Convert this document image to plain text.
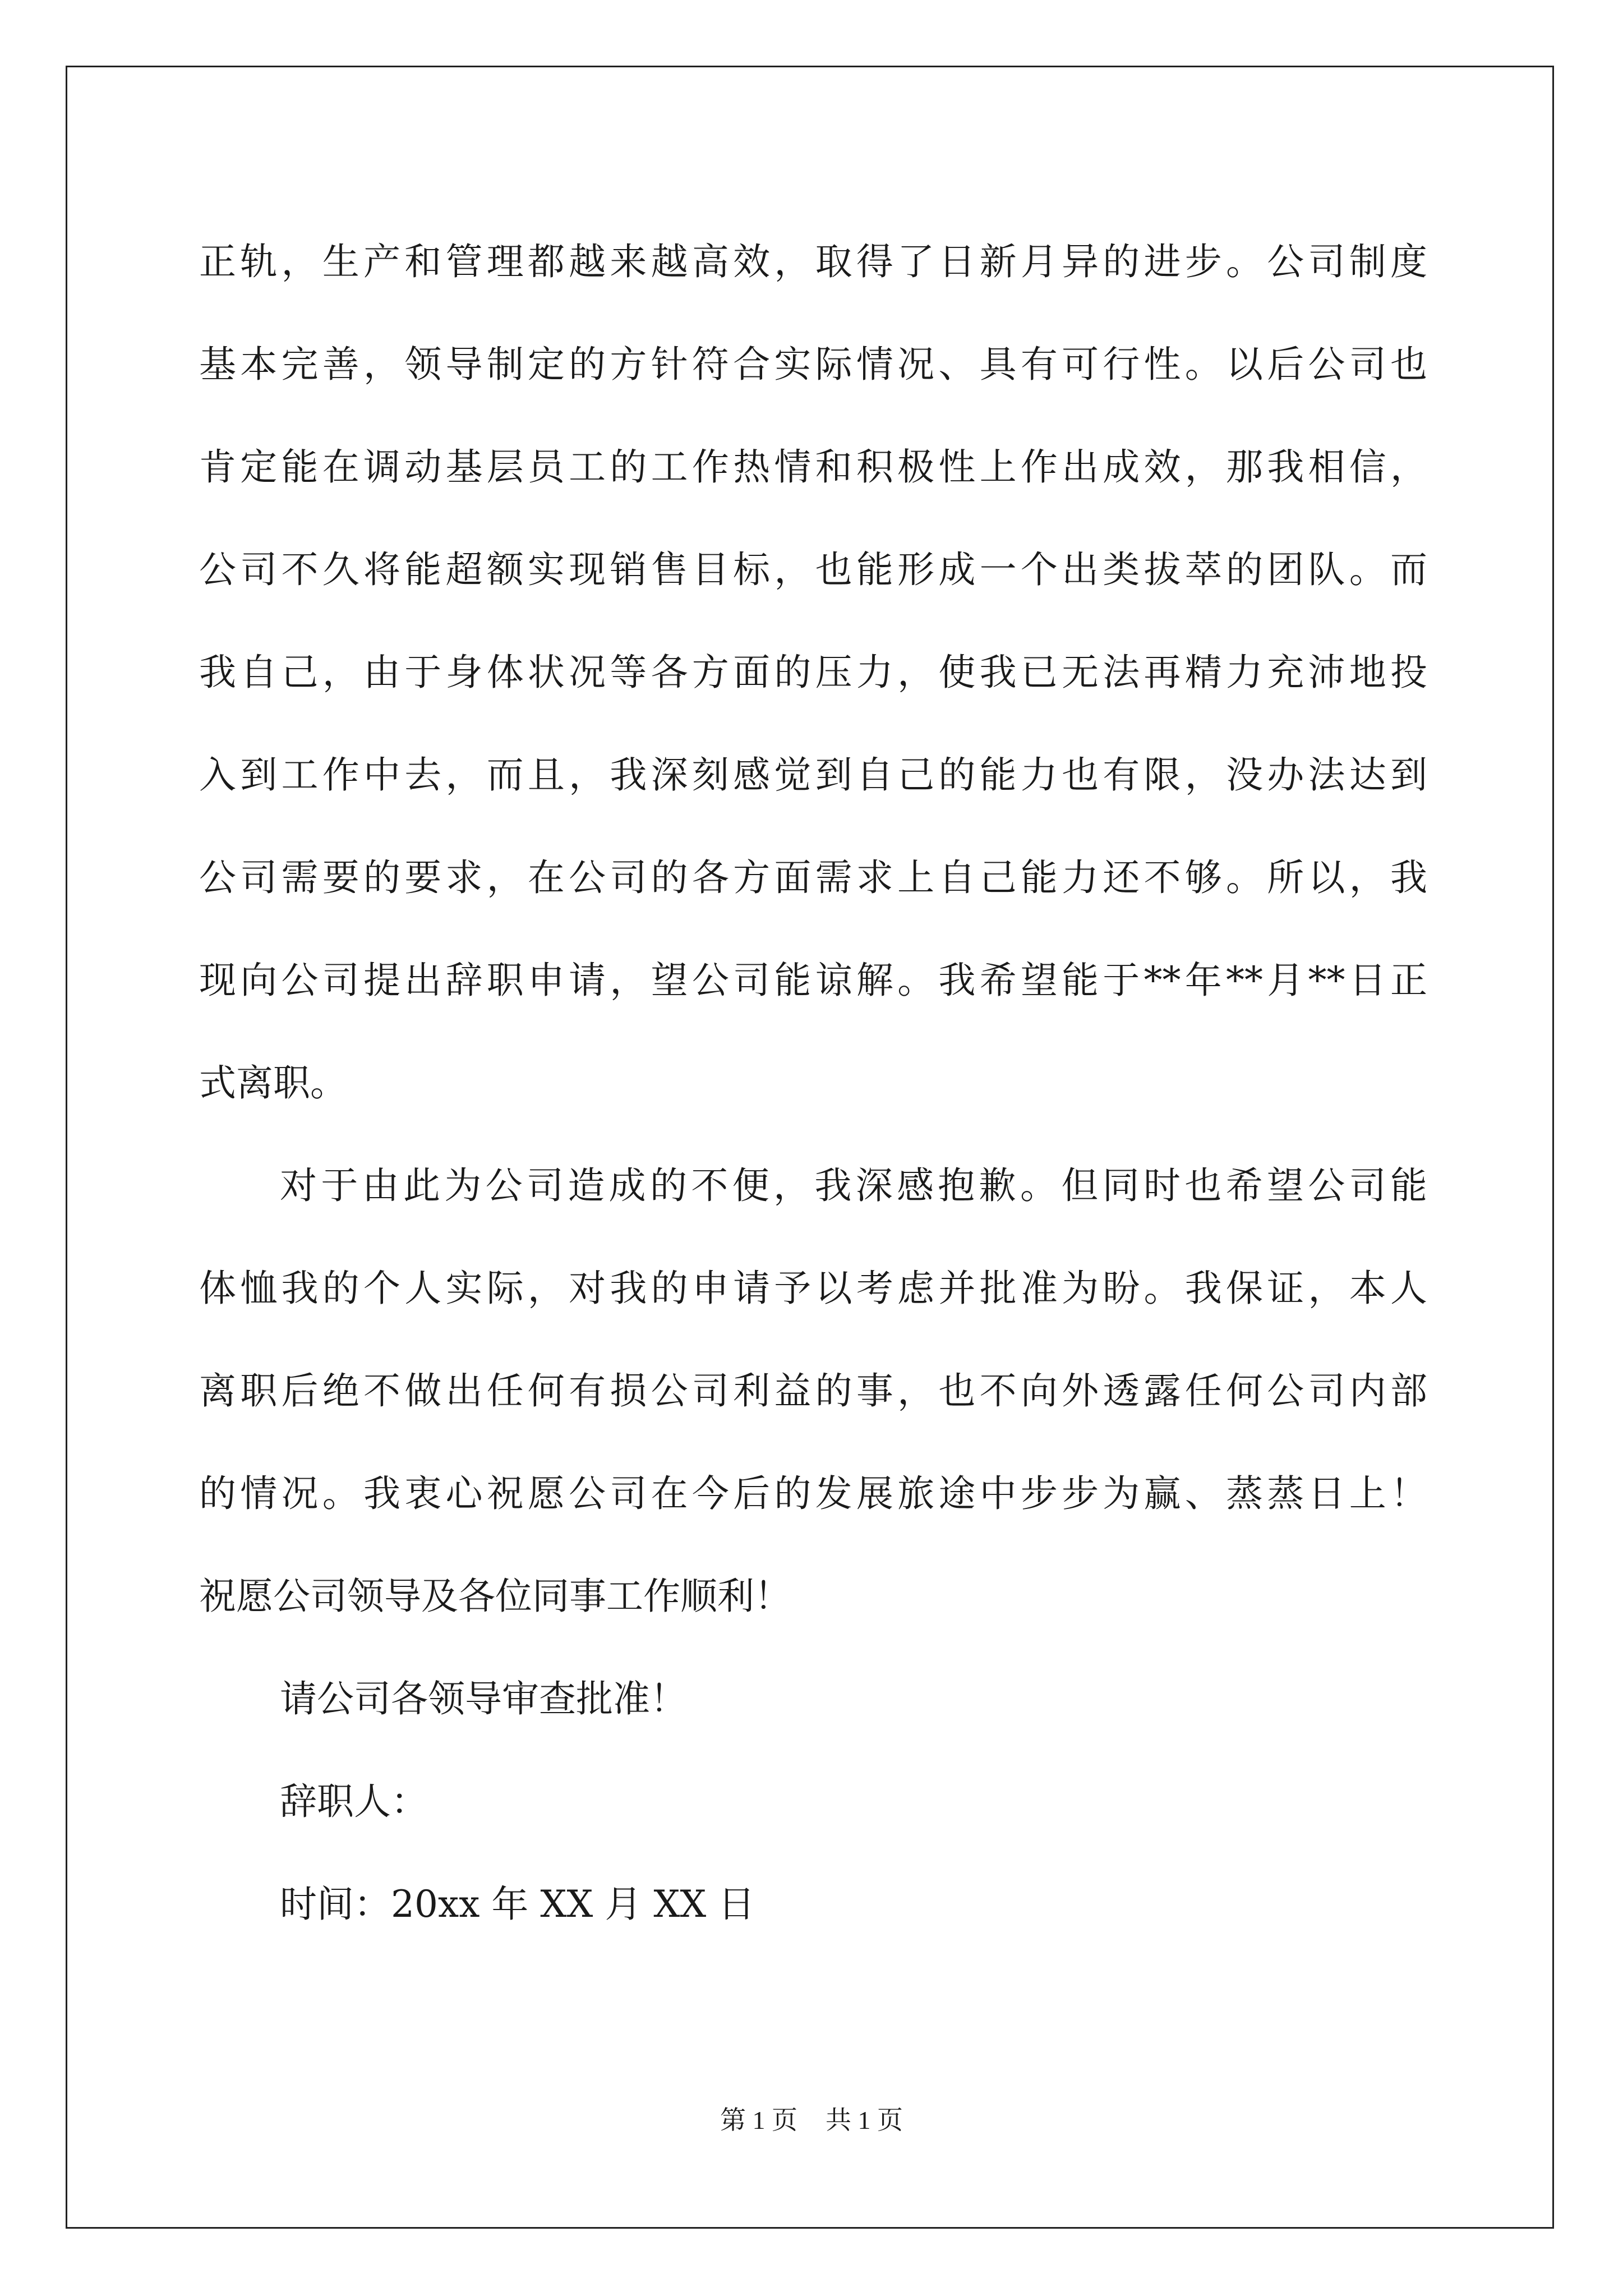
正轨，生产和管理都越来越高效，取得了日新月异的进步。公司制度
基本完善，领导制定的方针符合实际情况、具有可行性。以后公司也
肯定能在调动基层员工的工作热情和积极性上作出成效，那我相信，
公司不久将能超额实现销售目标，也能形成一个出类拔萃的团队。而
我自己，由于身体状况等各方面的压力，使我已无法再精力充沛地投
入到工作中去，而且，我深刻感觉到自己的能力也有限，没办法达到
公司需要的要求，在公司的各方面需求上自己能力还不够。所以，我
现向公司提出辞职申请，望公司能谅解。我希望能于**年**月**日正
式离职。
对于由此为公司造成的不便，我深感抱歉。但同时也希望公司能
体恤我的个人实际，对我的申请予以考虑并批准为盼。我保证，本人
离职后绝不做出任何有损公司利益的事，也不向外透露任何公司内部
的情况。我衷心祝愿公司在今后的发展旅途中步步为赢、蒸蒸日上！
祝愿公司领导及各位同事工作顺利！
请公司各领导审查批准！
辞职人：
时间：20xx 年 XX 月 XX 日
第 1 页 共 1 页
